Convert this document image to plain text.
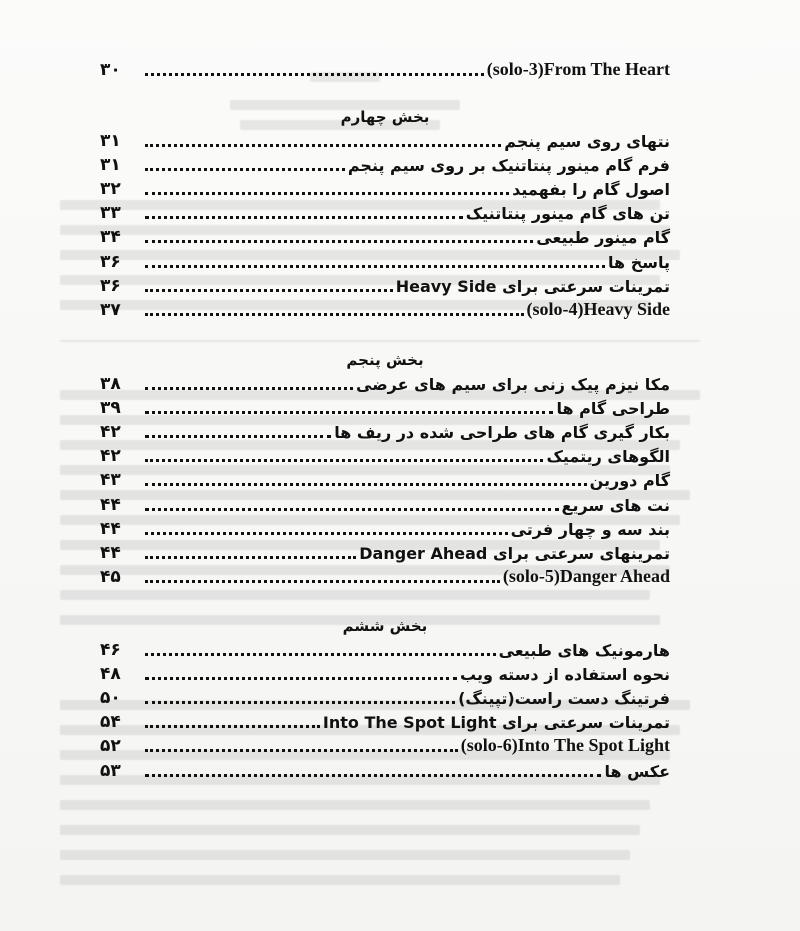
۳۰	(solo-3)From The Heart
بخش چهارم
۳۱	نتهای روی سیم پنجم
۳۱	فرم گام مینور پنتاتنیک بر روی سیم پنجم
۳۲	اصول گام را بفهمید
۳۳	تن های گام مینور پنتاتنیک
۳۴	گام مینور طبیعی
۳۶	پاسخ ها
۳۶	تمرینات سرعتی برای Heavy Side
۳۷	(solo-4)Heavy Side
بخش پنجم
۳۸	مکا نیزم پیک زنی برای سیم های عرضی
۳۹	طراحی گام ها
۴۲	بکار گیری گام های طراحی شده در ریف ها
۴۲	الگوهای ریتمیک
۴۳	گام دورین
۴۴	نت های سریع
۴۴	بند سه و چهار فرتی
۴۴	تمرینهای سرعتی برای Danger Ahead
۴۵	(solo-5)Danger Ahead
بخش ششم
۴۶	هارمونیک های طبیعی
۴۸	نحوه استفاده از دسته ویب
۵۰	فرتینگ دست راست(تپینگ)
۵۴	تمرینات سرعتی برای Into The Spot Light
۵۲	(solo-6)Into The Spot Light
۵۳	عکس ها
